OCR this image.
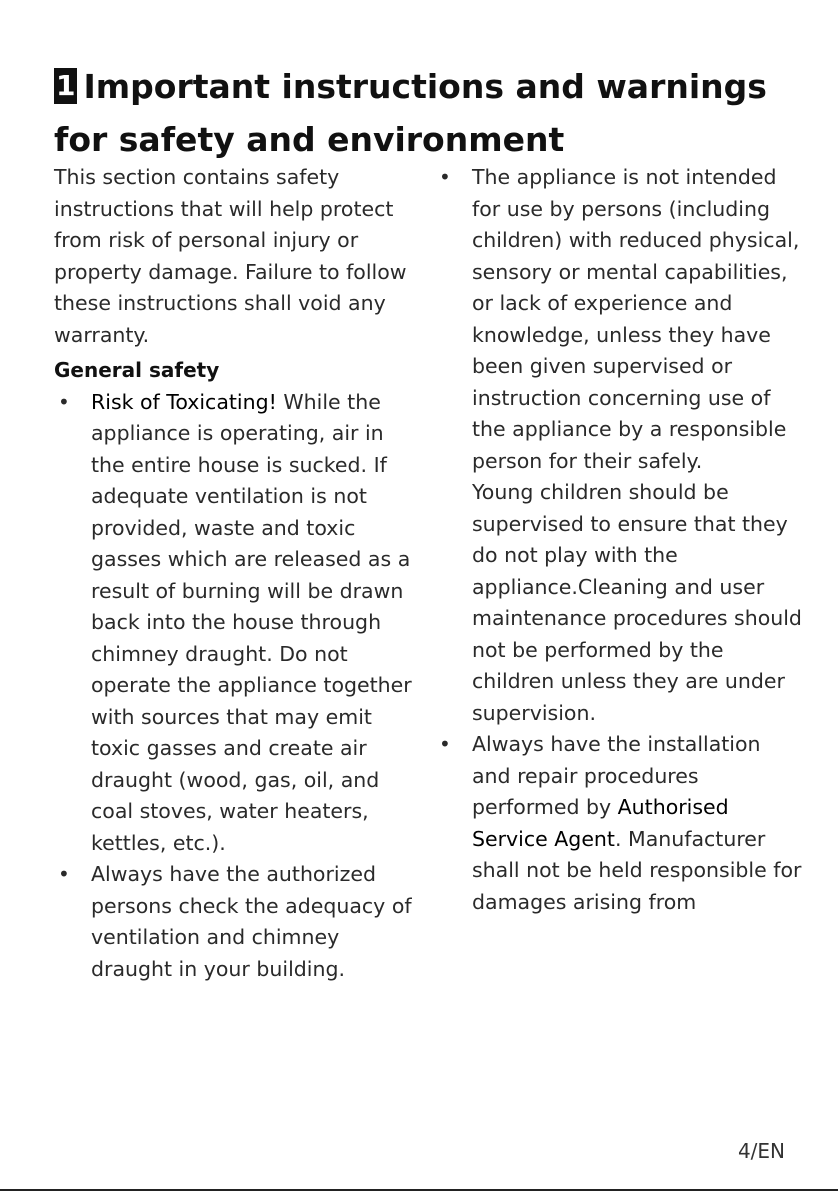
1 Important instructions and warnings for safety and environment

This section contains safety instructions that will help protect from risk of personal injury or property damage. Failure to follow these instructions shall void any warranty.

General safety
• Risk of Toxicating! While the appliance is operating, air in the entire house is sucked. If adequate ventilation is not provided, waste and toxic gasses which are released as a result of burning will be drawn back into the house through chimney draught. Do not operate the appliance together with sources that may emit toxic gasses and create air draught (wood, gas, oil, and coal stoves, water heaters, kettles, etc.).
• Always have the authorized persons check the adequacy of ventilation and chimney draught in your building.
• The appliance is not intended for use by persons (including children) with reduced physical, sensory or mental capabilities, or lack of experience and knowledge, unless they have been given supervised or instruction concerning use of the appliance by a responsible person for their safely.
Young children should be supervised to ensure that they do not play with the appliance.Cleaning and user maintenance procedures should not be performed by the children unless they are under supervision.
• Always have the installation and repair procedures performed by Authorised Service Agent. Manufacturer shall not be held responsible for damages arising from
4/EN
